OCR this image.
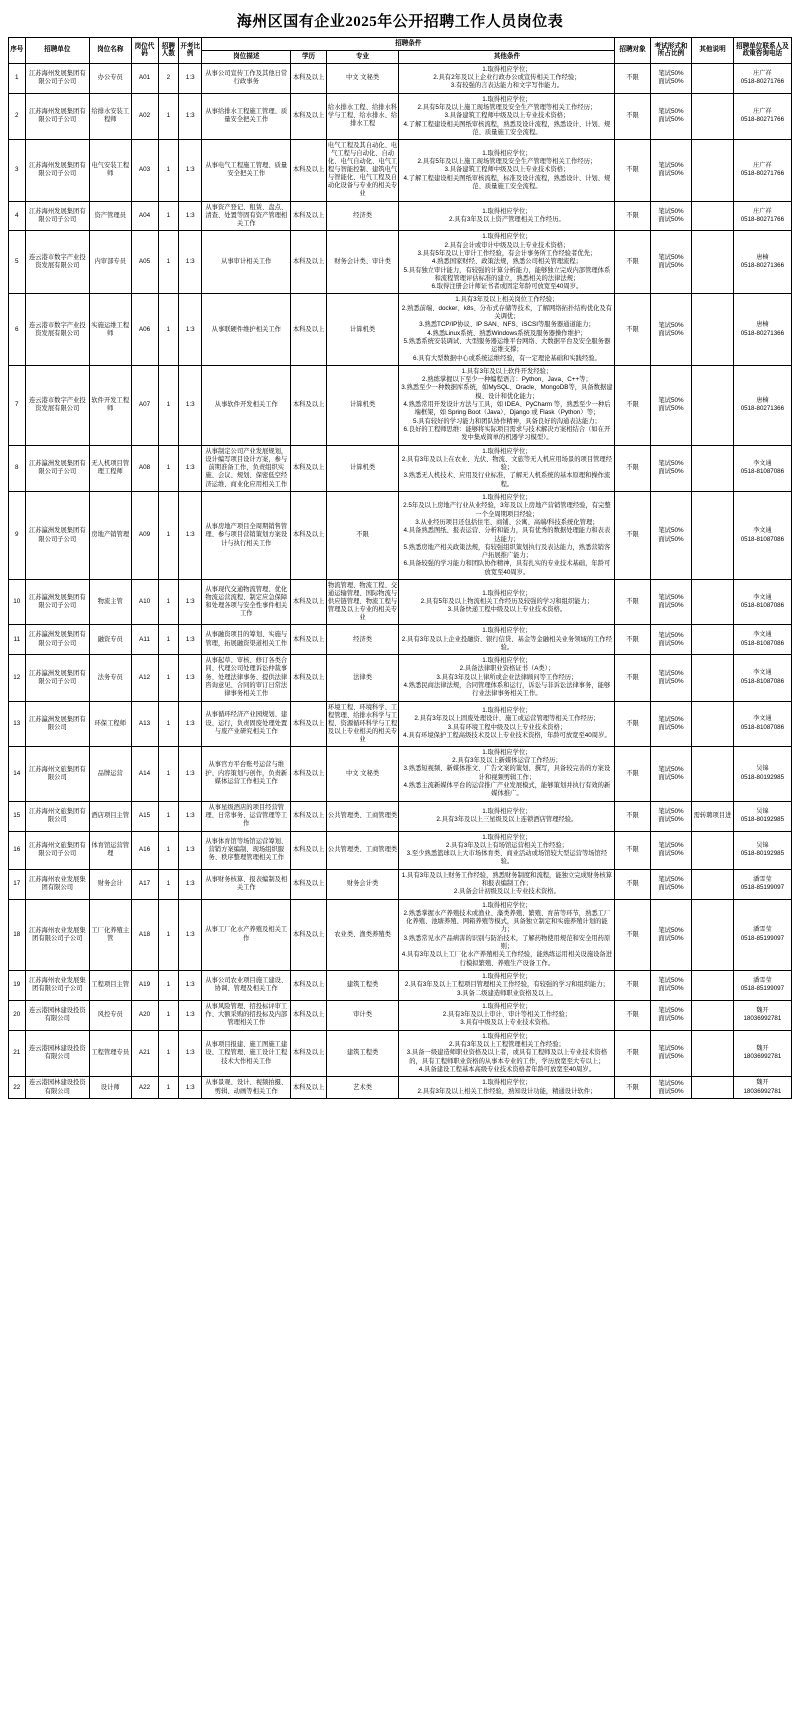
海州区国有企业2025年公开招聘工作人员岗位表
序号	招聘单位	岗位名称	岗位代码	招聘人数	开考比例	招聘条件				招聘对象	考试形式和所占比例	其他说明	招聘单位联系人及政策咨询电话
						岗位描述	学历	专业	其他条件				
1	江苏海州发展集团有限公司子公司	办公专员	A01	2	1:3	从事公司宣传工作及其他日常行政事务	本科及以上	中文 文秘类	1.取得相应学位；
2.具有2年及以上企业行政办公或宣传相关工作经验；
3.有较强的言表达能力和文字写作能力。	不限	笔试50%
面试50%		庄广祥
0518-80271766
2	江苏海州发展集团有限公司子公司	给排水安装工程师	A02	1	1:3	从事给排水工程施工管理、质量安全把关工作	本科及以上	给水排水工程、给排水科学与工程、给水排水、给排水工程	1.取得相应学位；
2.具有5年及以上施工现场管理及安全生产管理等相关工作经历；
3.具备建筑工程师中级及以上专业技术资格；
4.了解工程建设相关图纸审核流程，熟悉及设计流程，熟悉设计、计划、规范、质量施工安全流程。	不限	笔试50%
面试50%		庄广祥
0518-80271766
3	江苏海州发展集团有限公司子公司	电气安装工程师	A03	1	1:3	从事电气工程施工管理、质量安全把关工作	本科及以上	电气工程及其自动化、电气工程与自动化、自动化、电气自动化、电气工程与智能控制、建筑电气与智能化、电气工程及自动化设备与专业的相关专业	1.取得相应学位；
2.具有5年及以上施工现场管理及安全生产管理等相关工作经历；
3.具备建筑工程师中级及以上专业技术资格；
4.了解工程建设相关图纸审核流程，标准及设计流程，熟悉设计、计划、规范、质量施工安全流程。	不限	笔试50%
面试50%		庄广祥
0518-80271766
4	江苏海州发展集团有限公司子公司	资产管理员	A04	1	1:3	从事资产登记、租赁、盘点、清查、处置等固有资产管理相关工作	本科及以上	经济类	1.取得相应学位；
2.具有3年及以上资产管理相关工作经历。	不限	笔试50%
面试50%		庄广祥
0518-80271766
5	连云港市数字产业投资发展有限公司	内审部专员	A05	1	1:3	从事审计相关工作	本科及以上	财务会计类、审计类	1.取得相应学位；
2.具有会计或审计中级及以上专业技术资格；
3.具有5年及以上审计工作经验，有会计事务所工作经验者优先；
4.熟悉国家财经、政策法规，熟悉公司相关管理流程；
5.具有独立审计能力，有较强的计算分析能力，能够独立完成内部管理体系和流程管理评估标准的建立，熟悉相关的法律法规；
6.取得注册会计师证书者或固定年龄可放宽至40周岁。	不限	笔试50%
面试50%		唐楠
0518-80271366
6	连云港市数字产业投资发展有限公司	实施运维工程师	A06	1	1:3	从事联硬件维护相关工作	本科及以上	计算机类	1.具有3年及以上相关岗位工作经验；
2.熟悉前端、docker、k8s、分布式存储等技术，了解网络拓扑结构优化及有关调优；
3.熟悉TCP/IP协议、IP SAN、NFS、iSCSI等服务器通道能力；
4.熟悉Linux系统、熟悉Windows系统及服务器操作维护；
5.熟悉系统安装调试、大型服务器运维平台网络、大数据平台及安全服务器运维支撑；
6.具有大型数据中心或系统运维经验，有一定理论基础和实践经验。	不限	笔试50%
面试50%		唐楠
0518-80271366
7	连云港市数字产业投资发展有限公司	软件开发工程师	A07	1	1:3	从事软件开发相关工作	本科及以上	计算机类	1.具有3年及以上软件开发经验；
2.熟练掌握以下至少一种编程语言：Python、Java、C++等；
3.熟悉至少一种数据库系统，如MySQL、Oracle、MongoDB等，具备数据建模、设计和优化能力；
4.熟悉常用开发设计方法与工具，如 IDEA、PyCharm 等，熟悉至少一种后端框架，如 Spring Boot（Java）、Django 或 Flask（Python）等；
5.具有较好的学习能力和团队协作精神，具备良好的沟通表达能力；
6.良好的工程师思维：能够将实际项目需求与技术解决方案相结合（如在开发中集成简单的机器学习模型）。	不限	笔试50%
面试50%		唐楠
0518-80271366
8	江苏瀛洲发展集团有限公司子公司	无人机项目管理工程师	A08	1	1:3	从事制定公司产业发展规划，设计编写项目设计方案，参与前期准备工作，负责组织实施、会议、规划、保密低空经济运维、商业化应用相关工作	本科及以上	计算机类	1.取得相应学位；
2.具有3年及以上在农业、光伏、物流、文旅等无人机应用场景的项目管理经验；
3.熟悉无人机技术、应用及行业标准，了解无人机系统的基本原理和操作流程。	不限	笔试50%
面试50%		李文通
0518-81087086
9	江苏瀛洲发展集团有限公司子公司	房地产销管理	A09	1	1:3	从事房地产项目全周期销售管理、参与项目营销策划方案设计与执行相关工作	本科及以上	不限	1.取得相应学位；
2.5年及以上房地产行业从业经验，3年及以上房地产营销管理经验，有完整一个全周期项目经验；
3.从业经历项目还包括住宅、商铺、公寓、高端/科技系统化管理；
4.具备熟悉图纸、报表运营、分析和能力，具有优秀的数据处理能力和表表达能力；
5.熟悉房地产相关政策法规，有较强组织策划执行及表达能力，熟悉营销客户拓展推广能力；
6.具备较强的学习能力和团队协作精神，具有扎实的专业技术基础，年龄可放宽至40周岁。	不限	笔试50%
面试50%		李文通
0518-81087086
10	江苏瀛洲发展集团有限公司子公司	物流主管	A10	1	1:3	从事现代交通物流管理、优化物流运营流程、制定应急保障和处理各项与安全性事件相关工作	本科及以上	物流管理、物流工程、交通运输管理、国际物流与供应链管理、物流工程与管理及以上专业的相关专业	1.取得相应学位；
2.具有5年及以上物流相关工作经历及较强的学习和组织能力；
3.具备快递工程中级及以上专业技术资格。	不限	笔试50%
面试50%		李文通
0518-81087086
11	江苏瀛洲发展集团有限公司子公司	融资专员	A11	1	1:3	从事融资项目的筹划、实施与管理，拓展融资渠道相关工作	本科及以上	经济类	1.取得相应学位；
2.具有3年及以上企业投融资、银行信贷、基金等金融相关业务领域的工作经验。	不限	笔试50%
面试50%		李文通
0518-81087086
12	江苏瀛洲发展集团有限公司子公司	法务专员	A12	1	1:3	从事起草、审核、修订各类合同、代理公司处理诉讼仲裁事务、处理法律事务、提供法律咨询意见、合同的审订日常法律事务相关工作	本科及以上	法律类	1.取得相应学位；
2.具备法律职业资格证书（A类）；
3.具有3年及以上律所或企业法律顾问等工作经历；
4.熟悉民商法律法规，合同管理体系和运行，诉讼与非诉讼法律事务，能够行业法律事务相关工作。	不限	笔试50%
面试50%		李文通
0518-81087086
13	江苏瀛洲发展集团有限公司	环保工程师	A13	1	1:3	从事循环经济产业园规划、建设、运行，负责固废处理处置与废产业研究相关工作	本科及以上	环境工程、环境科学、工程管理、给排水科学与工程、资源循环科学与工程及以上专业相关的相关专业	1.取得相应学位；
2.具有3年及以上固废处理设计、施工或运营管理等相关工作经历；
3.具有环境工程中级及以上专业技术资格；
4.具有环境保护工程高级技术及以上专业技术资格，年龄可放宽至40周岁。	不限	笔试50%
面试50%		李文通
0518-81087086
14	江苏海州文旅集团有限公司	品牌运营	A14	1	1:3	从事官方平台账号运营与维护、内容策划与创作，负责新媒体运营工作相关工作	本科及以上	中文 文秘类	1.取得相应学位；
2.具有3年及以上新媒体运营工作经历；
3.熟悉短视频、新媒体推文、广告文案的策划、撰写，具备较完善的方案设计和视频剪辑工作；
4.熟悉主流新媒体平台的运营推广产业发展模式，能够策划并执行有效的新媒体推广。	不限	笔试50%
面试50%		吴锦
0518-80192985
15	江苏海州文旅集团有限公司	酒店项目主管	A15	1	1:3	从事星级酒店的项目经营管理、日常事务、运营管理等工作	本科及以上	公共管理类、工商管理类	1.取得相应学位；
2.具有3年及以上三星级及以上连锁酒店管理经验。	不限	笔试50%
面试50%	需转聘项目进	吴锦
0518-80192985
16	江苏海州文旅集团有限公司子公司	体育馆运营管理	A16	1	1:3	从事体育馆等场馆运营筹划、营销方案编制、现场组织服务、秩序整理管理相关工作	本科及以上	公共管理类、工商管理类	1.取得相应学位；
2.具有3年及以上有场馆运营相关工作经验；
3.至少熟悉篮球以上大市场体育类、商业活动或场馆较大型运营等场馆经验。	不限	笔试50%
面试50%		吴锦
0518-80192985
17	江苏海州农业发展集团有限公司	财务会计	A17	1	1:3	从事财务核算、报表编制及相关工作	本科及以上	财务会计类	1.具有3年及以上财务工作经验，熟悉财务制度和流程，能独立完成财务核算和报表编制工作；
2.具备会计初级及以上专业技术资格。	不限	笔试50%
面试50%		潘雪莹
0518-85199097
18	江苏海州农业发展集团有限公司子公司	工厂化养殖主管	A18	1	1:3	从事工厂化水产养殖及相关工作	本科及以上	农业类、渔类养殖类	1.取得相应学位；
2.熟悉掌握水产养殖技术或渔业、藻类养殖、繁殖、育苗等环节，熟悉工厂化养殖、池塘养殖、网箱养殖等模式，具备独立制定和实施养殖计划的能力；
3.熟悉常见水产品病害的识别与防治技术，了解药物使用规范和安全用药原则；
4.具有3年及以上工厂化水产养殖相关工作经验，能熟练运用相关设施设备进行模拟繁殖、养殖生产设备工作。	不限	笔试50%
面试50%		潘雪莹
0518-85199097
19	江苏海州农业发展集团有限公司子公司	工程项目主管	A19	1	1:3	从事公司农业项目施工建设、协调、管理及相关工作	本科及以上	建筑工程类	1.取得相应学位；
2.具有3年及以上工程项目管理相关工作经验，有较强的学习和组织能力；
3.具备二级建造师职业资格及以上。	不限	笔试50%
面试50%		潘雪莹
0518-85199097
20	连云港园林建设投资有限公司	风控专员	A20	1	1:3	从事风险管理、招投标评审工作、大额采购的招投标及内部管理相关工作	本科及以上	审计类	1.取得相应学位；
2.具有3年及以上审计、审计等相关工作经验；
3.具有中级及以上专业技术资格。	不限	笔试50%
面试50%		魏开
18036992781
21	连云港园林建设投资有限公司	工程管理专员	A21	1	1:3	从事项目报建、施工图施工建设、工程管理、施工设计工程技术大作相关工作	本科及以上	建筑工程类	1.取得相应学位；
2.具有3年及以上工程管理相关工作经验；
3.具备一级建造师职业资格及以上者，或具有工程师及以上专业技术资格的，具有工程师职业资格的从事本专业的工作，学历放宽至大专以上；
4.具备建设工程基本高级专业技术资格者年龄可放宽至40周岁。	不限	笔试50%
面试50%		魏开
18036992781
22	连云港园林建设投资有限公司	设计师	A22	1	1:3	从事景观、设计、视频拍摄、剪辑、动画等相关工作	本科及以上	艺术类	1.取得相应学位；
2.具有3年及以上相关工作经验，熟知设计功能，精通设计软件；	不限	笔试50%
面试50%		魏开
18036992781
